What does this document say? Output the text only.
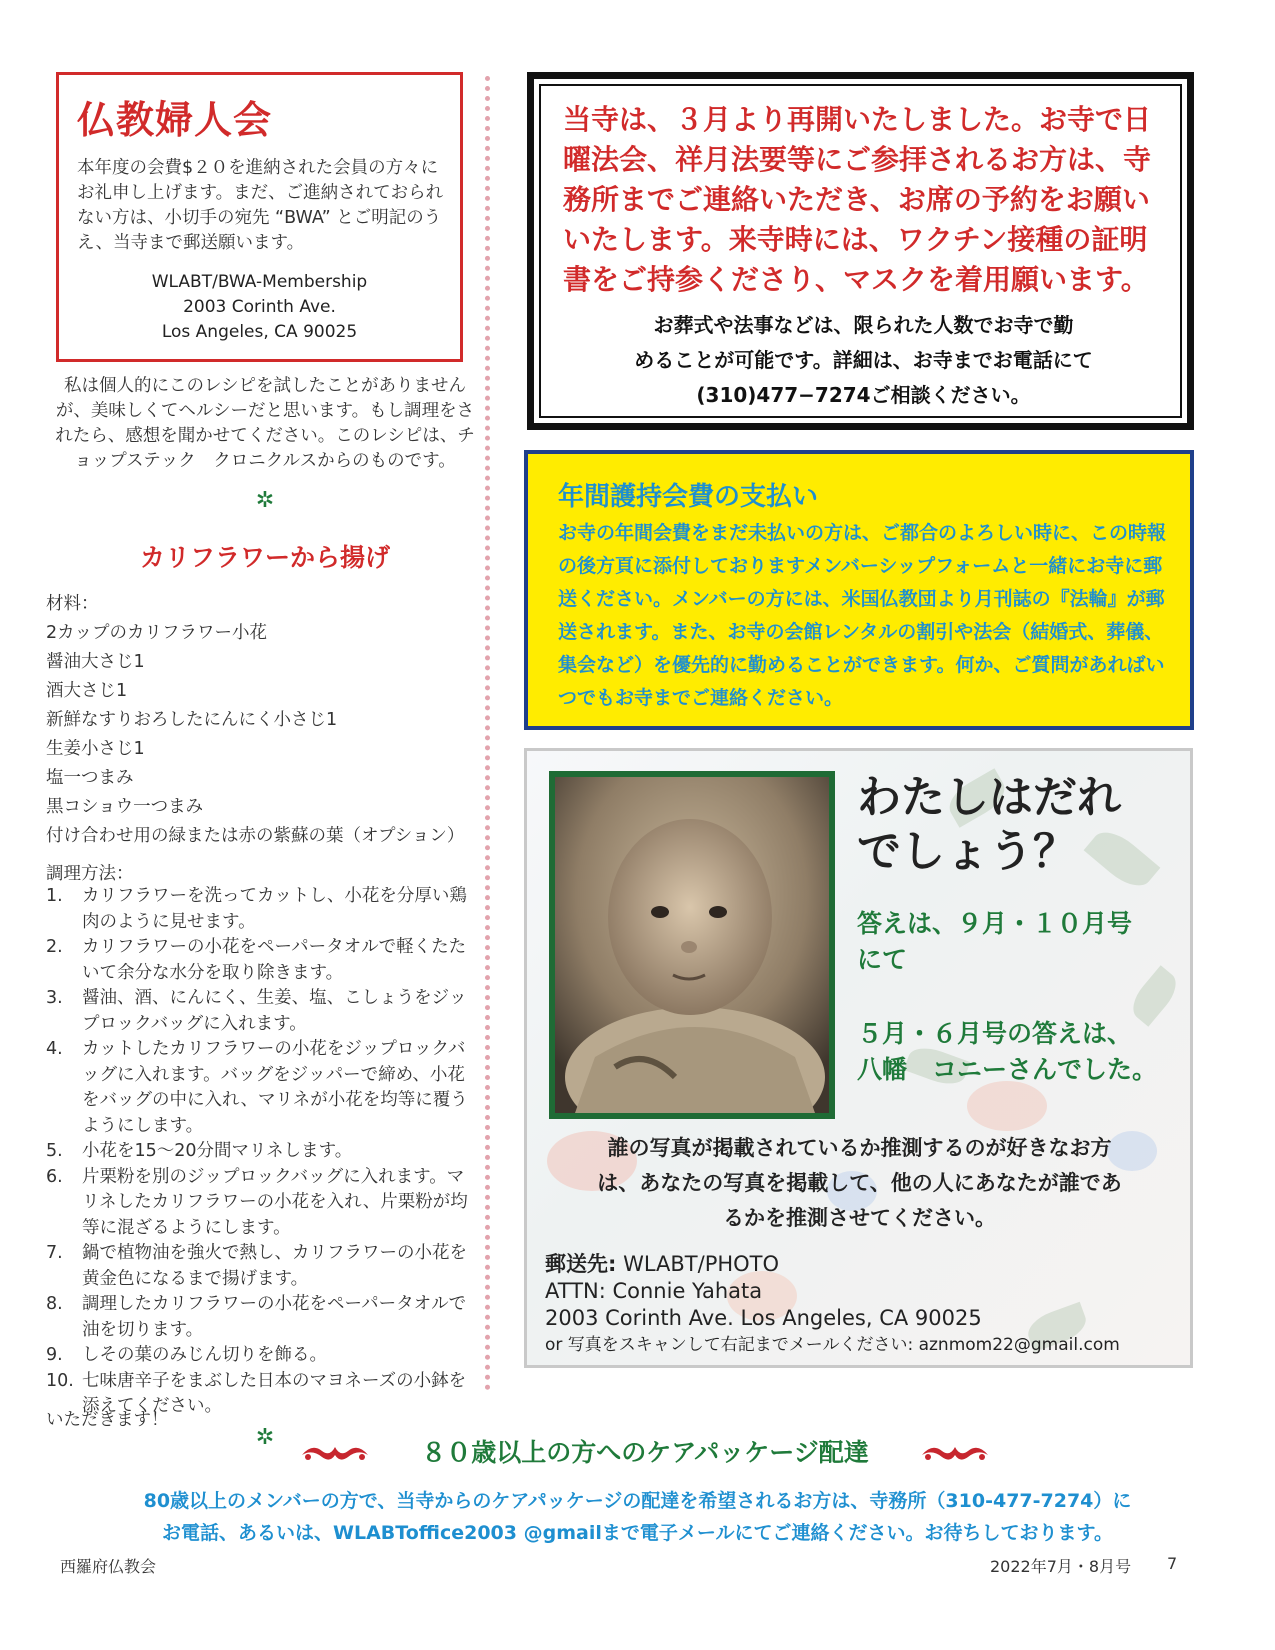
仏教婦人会
本年度の会費$２０を進納された会員の方々にお礼申し上げます。まだ、ご進納されておられない方は、小切手の宛先 “BWA” とご明記のうえ、当寺まで郵送願います。
WLABT/BWA-Membership
2003 Corinth Ave.
Los Angeles, CA 90025
私は個人的にこのレシピを試したことがありませんが、美味しくてヘルシーだと思います。もし調理をされたら、感想を聞かせてください。このレシピは、チョップステック　クロニクルスからのものです。
✲
カリフラワーから揚げ
材料：
2カップのカリフラワー小花
醤油大さじ1
酒大さじ1
新鮮なすりおろしたにんにく小さじ1
生姜小さじ1
塩一つまみ
黒コショウ一つまみ
付け合わせ用の緑または赤の紫蘇の葉（オプション）
調理方法：
1.	カリフラワーを洗ってカットし、小花を分厚い鶏肉のように見せます。
2.	カリフラワーの小花をペーパータオルで軽くたたいて余分な水分を取り除きます。
3.	醤油、酒、にんにく、生姜、塩、こしょうをジップロックバッグに入れます。
4.	カットしたカリフラワーの小花をジップロックバッグに入れます。バッグをジッパーで締め、小花をバッグの中に入れ、マリネが小花を均等に覆うようにします。
5.	小花を15〜20分間マリネします。
6.	片栗粉を別のジップロックバッグに入れます。マリネしたカリフラワーの小花を入れ、片栗粉が均等に混ざるようにします。
7.	鍋で植物油を強火で熱し、カリフラワーの小花を黄金色になるまで揚げます。
8.	調理したカリフラワーの小花をペーパータオルで油を切ります。
9.	しその葉のみじん切りを飾る。
10. 七味唐辛子をまぶした日本のマヨネーズの小鉢を添えてください。
いただきます！
✲
当寺は、３月より再開いたしました。お寺で日曜法会、祥月法要等にご参拝されるお方は、寺務所までご連絡いただき、お席の予約をお願いいたします。来寺時には、ワクチン接種の証明書をご持参くださり、マスクを着用願います。
お葬式や法事などは、限られた人数でお寺で勤
めることが可能です。詳細は、お寺までお電話にて
(310)477−7274ご相談ください。
年間護持会費の支払い
お寺の年間会費をまだ未払いの方は、ご都合のよろしい時に、この時報の後方頁に添付しておりますメンバーシップフォームと一緒にお寺に郵送ください。メンバーの方には、米国仏教団より月刊誌の『法輪』が郵送されます。また、お寺の会館レンタルの割引や法会（結婚式、葬儀、集会など）を優先的に勤めることができます。何か、ご質問があればいつでもお寺までご連絡ください。
わたしはだれ
でしょう？
答えは、９月・１０月号
にて
５月・６月号の答えは、
八幡　コニーさんでした。
誰の写真が掲載されているか推測するのが好きなお方
は、あなたの写真を掲載して、他の人にあなたが誰であ
るかを推測させてください。
郵送先: WLABT/PHOTO
ATTN: Connie Yahata
2003 Corinth Ave. Los Angeles, CA 90025
or 写真をスキャンして右記までメールください: aznmom22@gmail.com
８０歳以上の方へのケアパッケージ配達
80歳以上のメンバーの方で、当寺からのケアパッケージの配達を希望されるお方は、寺務所（310-477-7274）に
お電話、あるいは、WLABToffice2003 @gmailまで電子メールにてご連絡ください。お待ちしております。
西羅府仏教会	2022年7月・8月号 7
